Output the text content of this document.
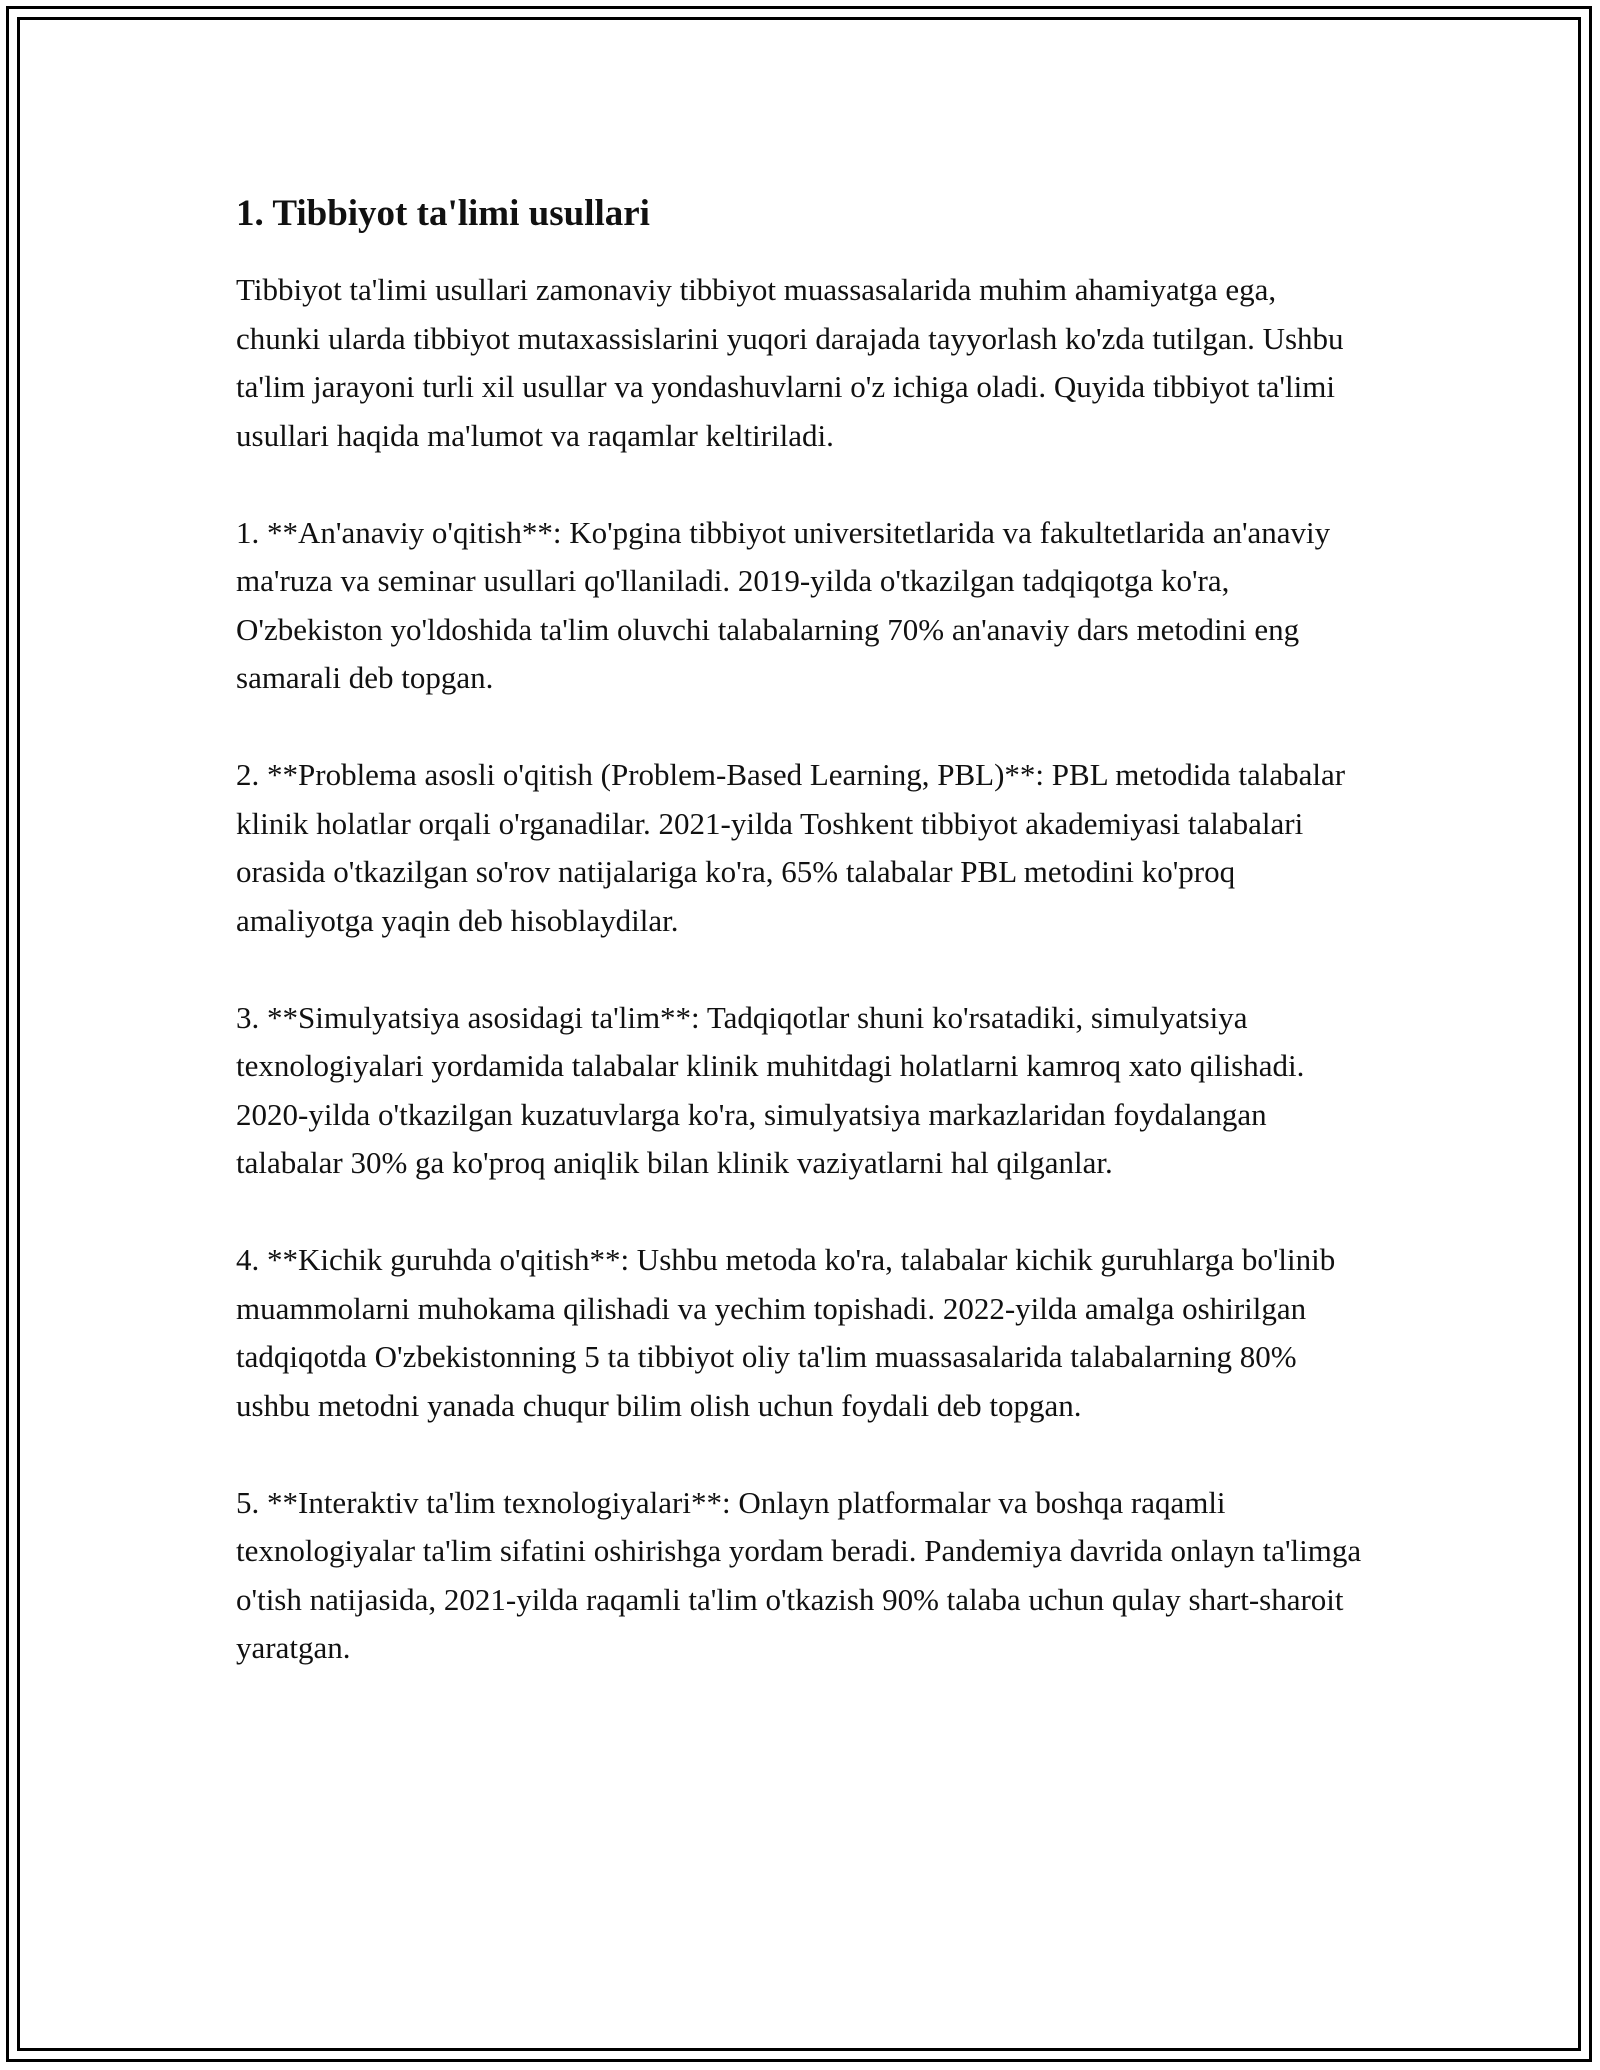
1. Tibbiyot ta'limi usullari

Tibbiyot ta'limi usullari zamonaviy tibbiyot muassasalarida muhim ahamiyatga ega, chunki ularda tibbiyot mutaxassislarini yuqori darajada tayyorlash ko'zda tutilgan. Ushbu ta'lim jarayoni turli xil usullar va yondashuvlarni o'z ichiga oladi. Quyida tibbiyot ta'limi usullari haqida ma'lumot va raqamlar keltiriladi.

1. **An'anaviy o'qitish**: Ko'pgina tibbiyot universitetlarida va fakultetlarida an'anaviy ma'ruza va seminar usullari qo'llaniladi. 2019-yilda o'tkazilgan tadqiqotga ko'ra, O'zbekiston yo'ldoshida ta'lim oluvchi talabalarning 70% an'anaviy dars metodini eng samarali deb topgan.

2. **Problema asosli o'qitish (Problem-Based Learning, PBL)**: PBL metodida talabalar klinik holatlar orqali o'rganadilar. 2021-yilda Toshkent tibbiyot akademiyasi talabalari orasida o'tkazilgan so'rov natijalariga ko'ra, 65% talabalar PBL metodini ko'proq amaliyotga yaqin deb hisoblaydilar.

3. **Simulyatsiya asosidagi ta'lim**: Tadqiqotlar shuni ko'rsatadiki, simulyatsiya texnologiyalari yordamida talabalar klinik muhitdagi holatlarni kamroq xato qilishadi. 2020-yilda o'tkazilgan kuzatuvlarga ko'ra, simulyatsiya markazlaridan foydalangan talabalar 30% ga ko'proq aniqlik bilan klinik vaziyatlarni hal qilganlar.

4. **Kichik guruhda o'qitish**: Ushbu metoda ko'ra, talabalar kichik guruhlarga bo'linib muammolarni muhokama qilishadi va yechim topishadi. 2022-yilda amalga oshirilgan tadqiqotda O'zbekistonning 5 ta tibbiyot oliy ta'lim muassasalarida talabalarning 80% ushbu metodni yanada chuqur bilim olish uchun foydali deb topgan.

5. **Interaktiv ta'lim texnologiyalari**: Onlayn platformalar va boshqa raqamli texnologiyalar ta'lim sifatini oshirishga yordam beradi. Pandemiya davrida onlayn ta'limga o'tish natijasida, 2021-yilda raqamli ta'lim o'tkazish 90% talaba uchun qulay shart-sharoit yaratgan.
